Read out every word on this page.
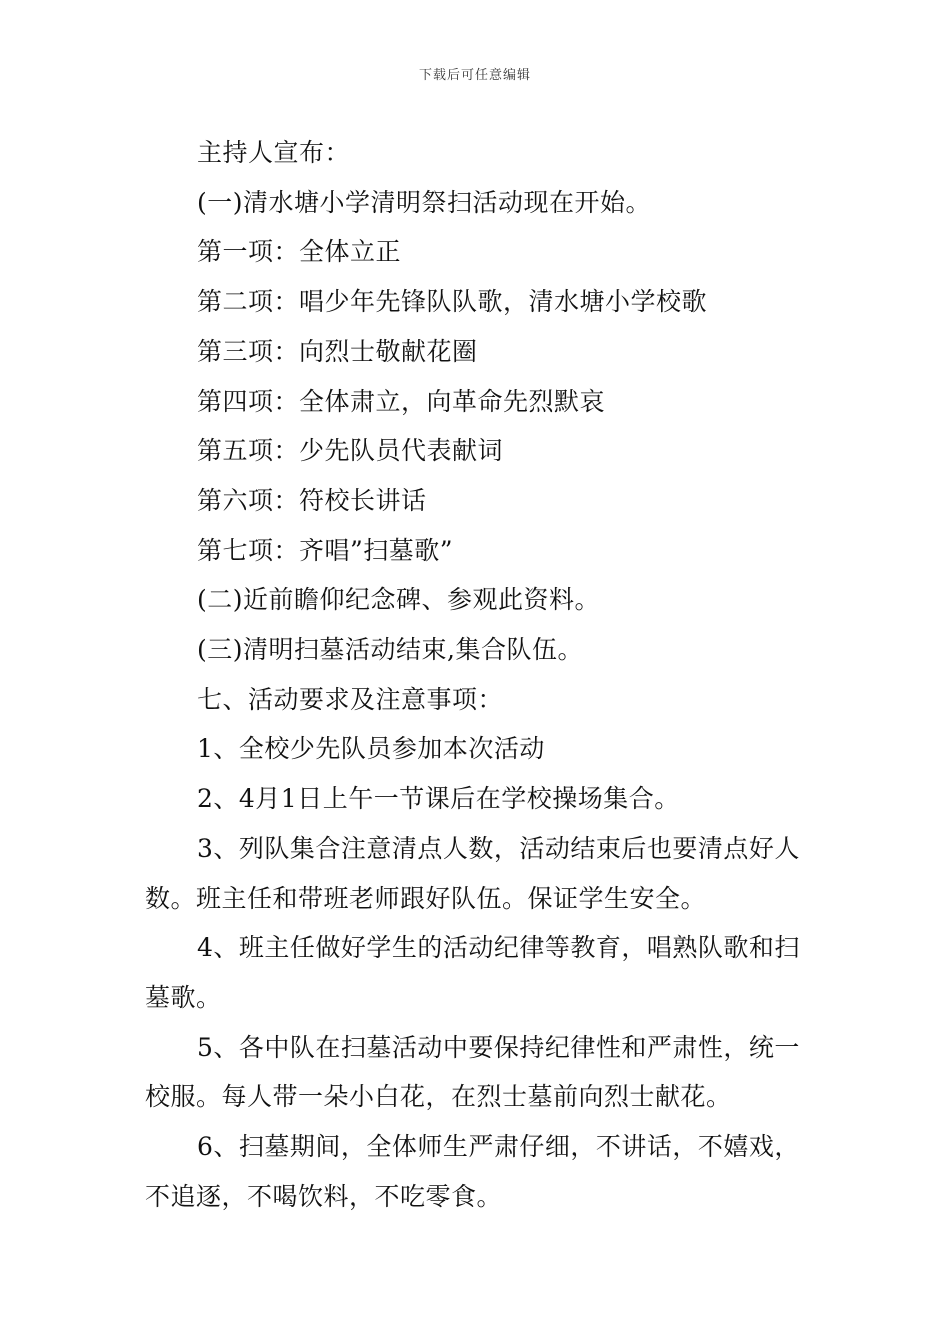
下载后可任意编辑
主持人宣布：
(一)清水塘小学清明祭扫活动现在开始。
第一项：全体立正
第二项：唱少年先锋队队歌，清水塘小学校歌
第三项：向烈士敬献花圈
第四项：全体肃立，向革命先烈默哀
第五项：少先队员代表献词
第六项：符校长讲话
第七项：齐唱”扫墓歌”
(二)近前瞻仰纪念碑、参观此资料。
(三)清明扫墓活动结束,集合队伍。
七、活动要求及注意事项：
1、全校少先队员参加本次活动
2、4月1日上午一节课后在学校操场集合。
3、列队集合注意清点人数，活动结束后也要清点好人数。班主任和带班老师跟好队伍。保证学生安全。
4、班主任做好学生的活动纪律等教育，唱熟队歌和扫墓歌。
5、各中队在扫墓活动中要保持纪律性和严肃性，统一校服。每人带一朵小白花，在烈士墓前向烈士献花。
6、扫墓期间，全体师生严肃仔细，不讲话，不嬉戏，不追逐，不喝饮料，不吃零食。
